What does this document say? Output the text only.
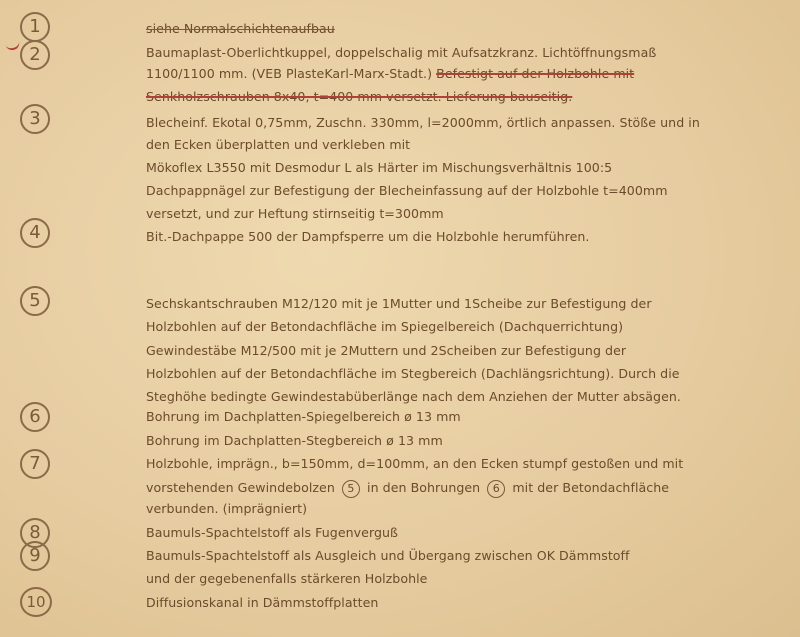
1
2
3
4
5
6
7
8
9
10
siehe Normalschichtenaufbau
Baumaplast-Oberlichtkuppel, doppelschalig mit Aufsatzkranz. Lichtöffnungsmaß
1100/1100 mm. (VEB PlasteKarl-Marx-Stadt.) Befestigt auf der Holzbohle mit
Senkholzschrauben 8x40, t=400 mm versetzt. Lieferung bauseitig.
Blecheinf. Ekotal 0,75mm, Zuschn. 330mm, l=2000mm, örtlich anpassen. Stöße und in
den Ecken überplatten und verkleben mit
Mökoflex L3550 mit Desmodur L als Härter im Mischungsverhältnis 100:5
Dachpappnägel zur Befestigung der Blecheinfassung auf der Holzbohle t=400mm
versetzt, und zur Heftung stirnseitig t=300mm
Bit.-Dachpappe 500 der Dampfsperre um die Holzbohle herumführen.
Sechskantschrauben M12/120 mit je 1Mutter und 1Scheibe zur Befestigung der
Holzbohlen auf der Betondachfläche im Spiegelbereich (Dachquerrichtung)
Gewindestäbe M12/500 mit je 2Muttern und 2Scheiben zur Befestigung der
Holzbohlen auf der Betondachfläche im Stegbereich (Dachlängsrichtung). Durch die
Steghöhe bedingte Gewindestabüberlänge nach dem Anziehen der Mutter absägen.
Bohrung im Dachplatten-Spiegelbereich ø 13 mm
Bohrung im Dachplatten-Stegbereich ø 13 mm
Holzbohle, imprägn., b=150mm, d=100mm, an den Ecken stumpf gestoßen und mit
vorstehenden Gewindebolzen 5 in den Bohrungen 6 mit der Betondachfläche
verbunden. (imprägniert)
Baumuls-Spachtelstoff als Fugenverguß
Baumuls-Spachtelstoff als Ausgleich und Übergang zwischen OK Dämmstoff
und der gegebenenfalls stärkeren Holzbohle
Diffusionskanal in Dämmstoffplatten
